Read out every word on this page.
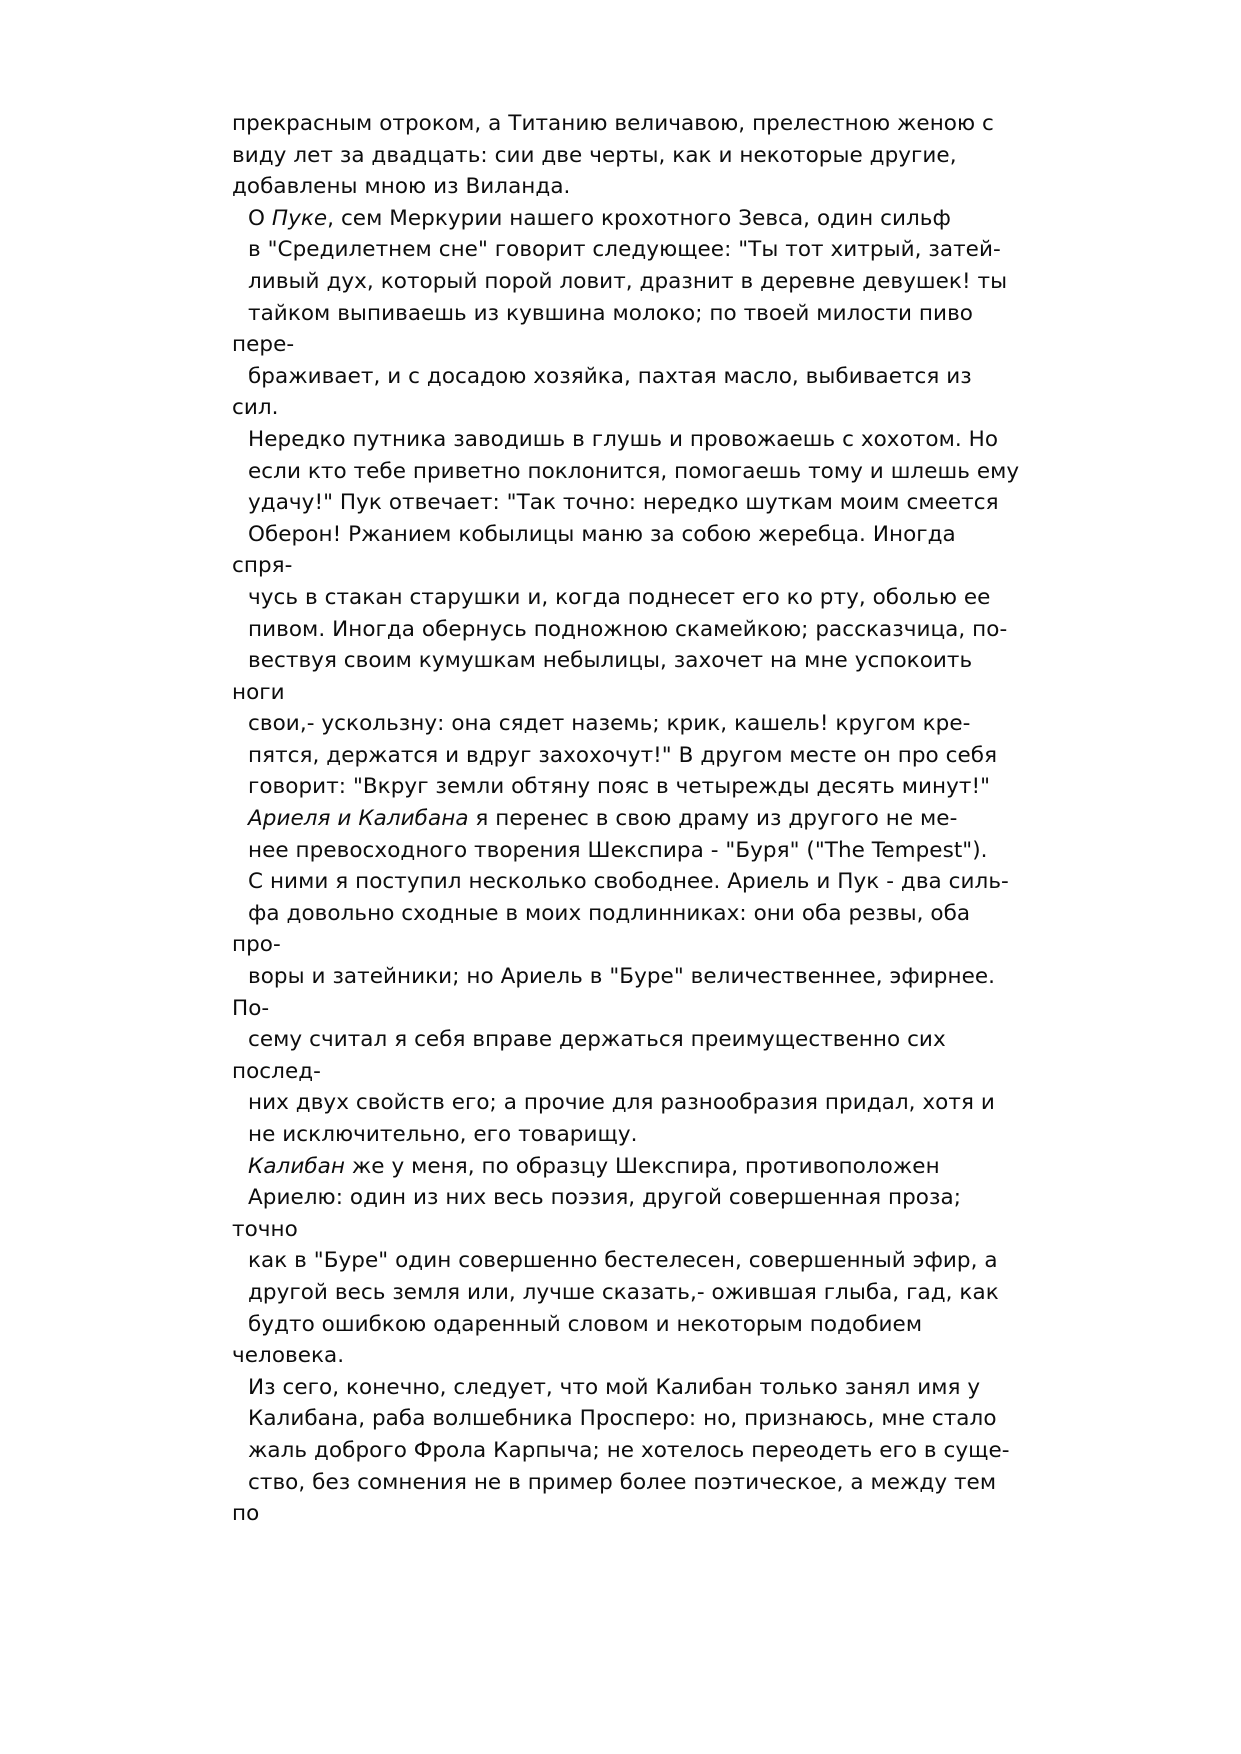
прекрасным отроком, а Титанию величавою, прелестною женою с

виду лет за двадцать: сии две черты, как и некоторые другие,

добавлены мною из Виланда.

О Пуке, сем Меркурии нашего крохотного Зевса, один сильф

в "Средилетнем сне" говорит следующее: "Ты тот хитрый, затей-

ливый дух, который порой ловит, дразнит в деревне девушек! ты

тайком выпиваешь из кувшина молоко; по твоей милости пиво

пере-

браживает, и с досадою хозяйка, пахтая масло, выбивается из

сил.

Нередко путника заводишь в глушь и провожаешь с хохотом. Но

если кто тебе приветно поклонится, помогаешь тому и шлешь ему

удачу!" Пук отвечает: "Так точно: нередко шуткам моим смеется

Оберон! Ржанием кобылицы маню за собою жеребца. Иногда

спря-

чусь в стакан старушки и, когда поднесет его ко рту, оболью ее

пивом. Иногда обернусь подножною скамейкою; рассказчица, по-

вествуя своим кумушкам небылицы, захочет на мне успокоить

ноги

свои,- ускользну: она сядет наземь; крик, кашель! кругом кре-

пятся, держатся и вдруг захохочут!" В другом месте он про себя

говорит: "Вкруг земли обтяну пояс в четырежды десять минут!"

Ариеля и Калибана я перенес в свою драму из другого не ме-

нее превосходного творения Шекспира - "Буря" ("The Tempest").

С ними я поступил несколько свободнее. Ариель и Пук - два силь-

фа довольно сходные в моих подлинниках: они оба резвы, оба

про-

воры и затейники; но Ариель в "Буре" величественнее, эфирнее.

По-

сему считал я себя вправе держаться преимущественно сих

послед-

них двух свойств его; а прочие для разнообразия придал, хотя и

не исключительно, его товарищу.

Калибан же у меня, по образцу Шекспира, противоположен

Ариелю: один из них весь поэзия, другой совершенная проза;

точно

как в "Буре" один совершенно бестелесен, совершенный эфир, а

другой весь земля или, лучше сказать,- ожившая глыба, гад, как

будто ошибкою одаренный словом и некоторым подобием

человека.

Из сего, конечно, следует, что мой Калибан только занял имя у

Калибана, раба волшебника Просперо: но, признаюсь, мне стало

жаль доброго Фрола Карпыча; не хотелось переодеть его в суще-

ство, без сомнения не в пример более поэтическое, а между тем

по
